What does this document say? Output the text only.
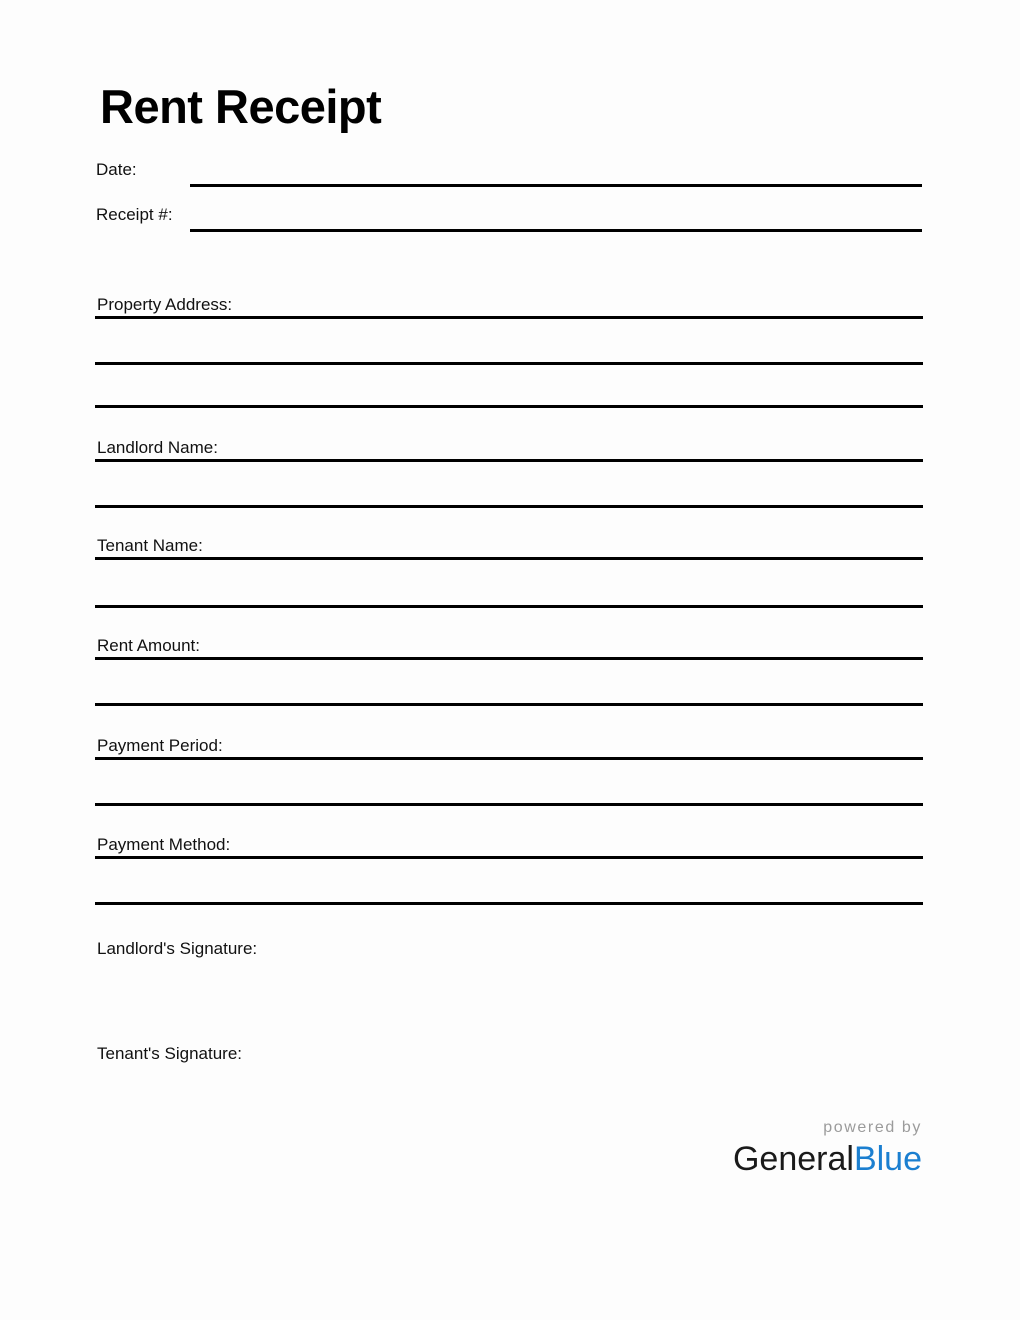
Rent Receipt
Date:
Receipt #:
Property Address:
Landlord Name:
Tenant Name:
Rent Amount:
Payment Period:
Payment Method:
Landlord's Signature:
Tenant's Signature:
powered by
GeneralBlue
